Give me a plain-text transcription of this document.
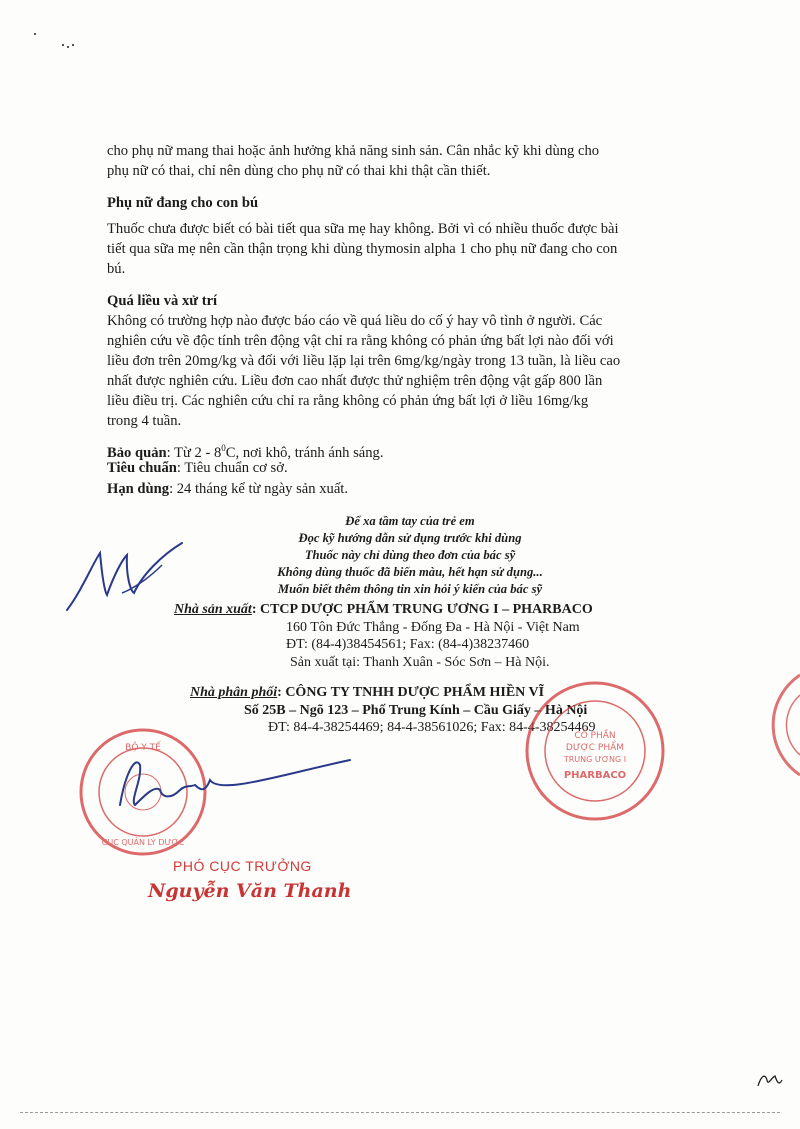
cho phụ nữ mang thai hoặc ảnh hưởng khả năng sinh sản. Cân nhắc kỹ khi dùng cho
phụ nữ có thai, chỉ nên dùng cho phụ nữ có thai khi thật cần thiết.
Phụ nữ đang cho con bú
Thuốc chưa được biết có bài tiết qua sữa mẹ hay không. Bởi vì có nhiều thuốc được bài
tiết qua sữa mẹ nên cần thận trọng khi dùng thymosin alpha 1 cho phụ nữ đang cho con
bú.
Quá liều và xử trí
Không có trường hợp nào được báo cáo về quá liều do cố ý hay vô tình ở người. Các
nghiên cứu về độc tính trên động vật chỉ ra rằng không có phản ứng bất lợi nào đối với
liều đơn trên 20mg/kg và đối với liều lặp lại trên 6mg/kg/ngày trong 13 tuần, là liều cao
nhất được nghiên cứu. Liều đơn cao nhất được thử nghiệm trên động vật gấp 800 lần
liều điều trị. Các nghiên cứu chỉ ra rằng không có phản ứng bất lợi ở liều 16mg/kg
trong 4 tuần.
Bảo quản: Từ $2 - 8^0C$, nơi khô, tránh ánh sáng.
Tiêu chuẩn: Tiêu chuẩn cơ sở.
Hạn dùng: 24 tháng kể từ ngày sản xuất.
Để xa tầm tay của trẻ em
Đọc kỹ hướng dẫn sử dụng trước khi dùng
Thuốc này chỉ dùng theo đơn của bác sỹ
Không dùng thuốc đã biến màu, hết hạn sử dụng...
Muốn biết thêm thông tin xin hỏi ý kiến của bác sỹ
Nhà sản xuất: CTCP DƯỢC PHẨM TRUNG ƯƠNG I – PHARBACO
160 Tôn Đức Thắng - Đống Đa - Hà Nội - Việt Nam
ĐT: (84-4)38454561; Fax: (84-4)38237460
Sản xuất tại: Thanh Xuân - Sóc Sơn – Hà Nội.
Nhà phân phối: CÔNG TY TNHH DƯỢC PHẨM HIỀN VĨ
Số 25B – Ngõ 123 – Phố Trung Kính – Cầu Giấy – Hà Nội
ĐT: 84-4-38254469; 84-4-38561026; Fax: 84-4-38254469
CỔ PHẦN
DƯỢC PHẨM
TRUNG ƯƠNG I
PHARBACO
BỘ Y TẾ
CỤC QUẢN LÝ DƯỢC
PHÓ CỤC TRƯỞNG
Nguyễn Văn Thanh
